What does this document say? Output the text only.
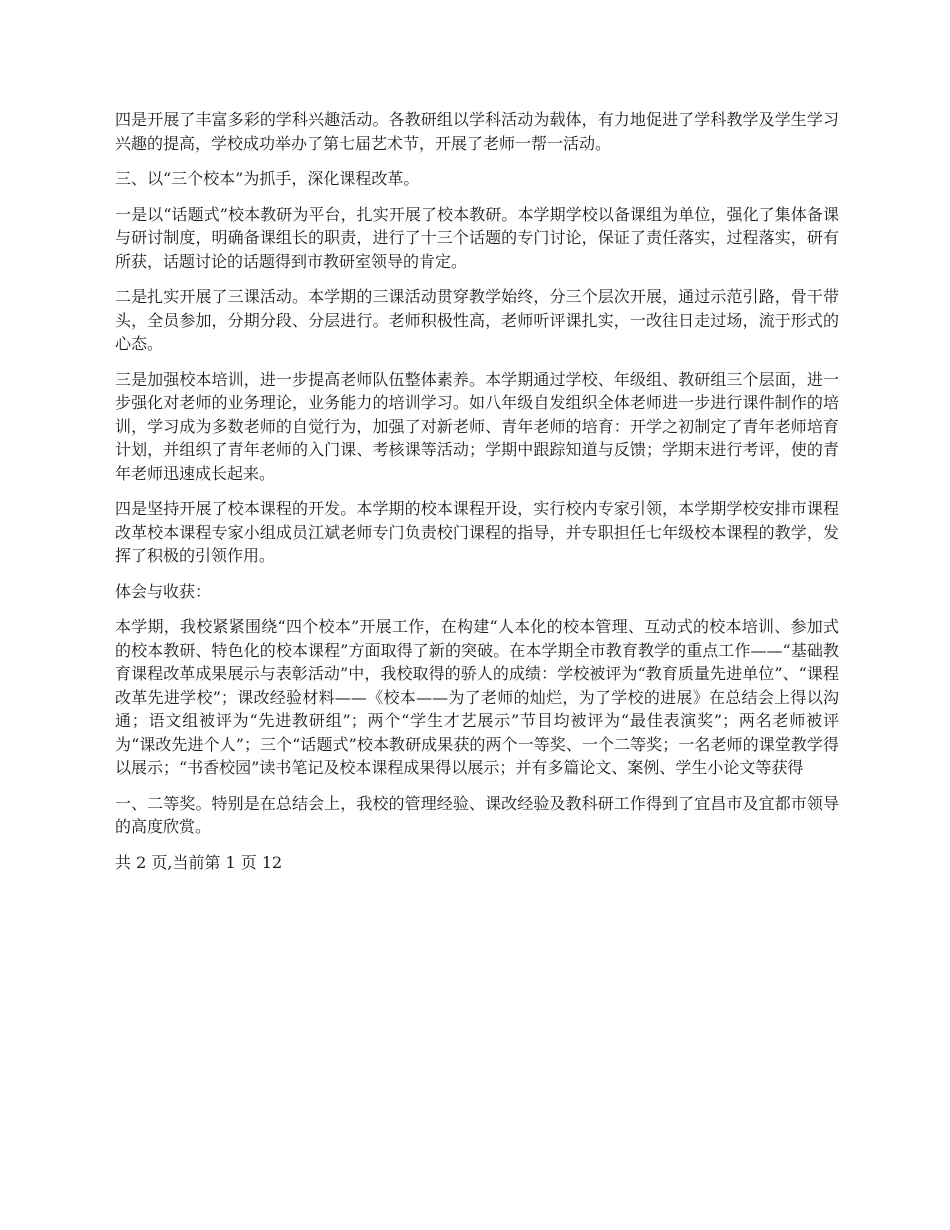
四是开展了丰富多彩的学科兴趣活动。各教研组以学科活动为载体，有力地促进了学科教学及学生学习兴趣的提高，学校成功举办了第七届艺术节，开展了老师一帮一活动。

三、以“三个校本”为抓手，深化课程改革。

一是以“话题式”校本教研为平台，扎实开展了校本教研。本学期学校以备课组为单位，强化了集体备课与研讨制度，明确备课组长的职责，进行了十三个话题的专门讨论，保证了责任落实，过程落实，研有所获，话题讨论的话题得到市教研室领导的肯定。

二是扎实开展了三课活动。本学期的三课活动贯穿教学始终，分三个层次开展，通过示范引路，骨干带头，全员参加，分期分段、分层进行。老师积极性高，老师听评课扎实，一改往日走过场，流于形式的心态。

三是加强校本培训，进一步提高老师队伍整体素养。本学期通过学校、年级组、教研组三个层面，进一步强化对老师的业务理论，业务能力的培训学习。如八年级自发组织全体老师进一步进行课件制作的培训，学习成为多数老师的自觉行为，加强了对新老师、青年老师的培育：开学之初制定了青年老师培育计划，并组织了青年老师的入门课、考核课等活动；学期中跟踪知道与反馈；学期末进行考评，使的青年老师迅速成长起来。

四是坚持开展了校本课程的开发。本学期的校本课程开设，实行校内专家引领，本学期学校安排市课程改革校本课程专家小组成员江斌老师专门负责校门课程的指导，并专职担任七年级校本课程的教学，发挥了积极的引领作用。

体会与收获：

本学期，我校紧紧围绕“四个校本”开展工作，在构建“人本化的校本管理、互动式的校本培训、参加式的校本教研、特色化的校本课程”方面取得了新的突破。在本学期全市教育教学的重点工作——“基础教育课程改革成果展示与表彰活动”中，我校取得的骄人的成绩：学校被评为“教育质量先进单位”、“课程改革先进学校”；课改经验材料——《校本——为了老师的灿烂，为了学校的进展》在总结会上得以沟通；语文组被评为“先进教研组”；两个“学生才艺展示”节目均被评为“最佳表演奖”；两名老师被评为“课改先进个人”；三个“话题式”校本教研成果获的两个一等奖、一个二等奖；一名老师的课堂教学得以展示；“书香校园”读书笔记及校本课程成果得以展示；并有多篇论文、案例、学生小论文等获得

一、二等奖。特别是在总结会上，我校的管理经验、课改经验及教科研工作得到了宜昌市及宜都市领导的高度欣赏。

共 2 页,当前第 1 页 12
